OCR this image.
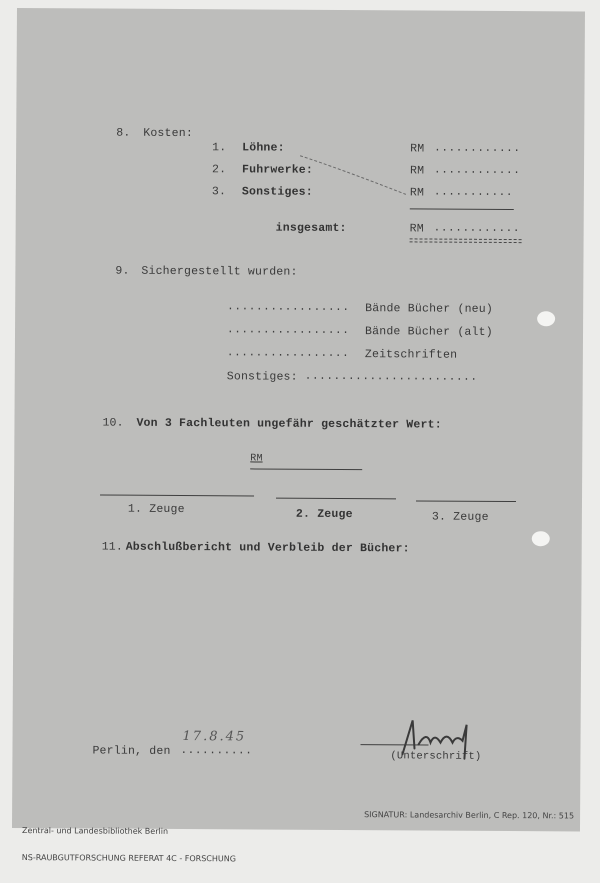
8. Kosten:
1. Löhne:	RM ............
2. Fuhrwerke:	RM ............
3. Sonstiges:	RM ...........
insgesamt:	RM ............
9. Sichergestellt wurden:
................. Bände Bücher (neu)
................. Bände Bücher (alt)
................. Zeitschriften
Sonstiges: ........................
10. Von 3 Fachleuten ungefähr geschätzter Wert:
RM
1. Zeuge	2. Zeuge	3. Zeuge
11. Abschlußbericht und Verbleib der Bücher:
Perlin, den ..........
17.8.45
(Unterschrift)

Zentral- und Landesbibliothek Berlin

NS-RAUBGUTFORSCHUNG REFERAT 4C - FORSCHUNG

SIGNATUR: Landesarchiv Berlin, C Rep. 120, Nr.: 515
